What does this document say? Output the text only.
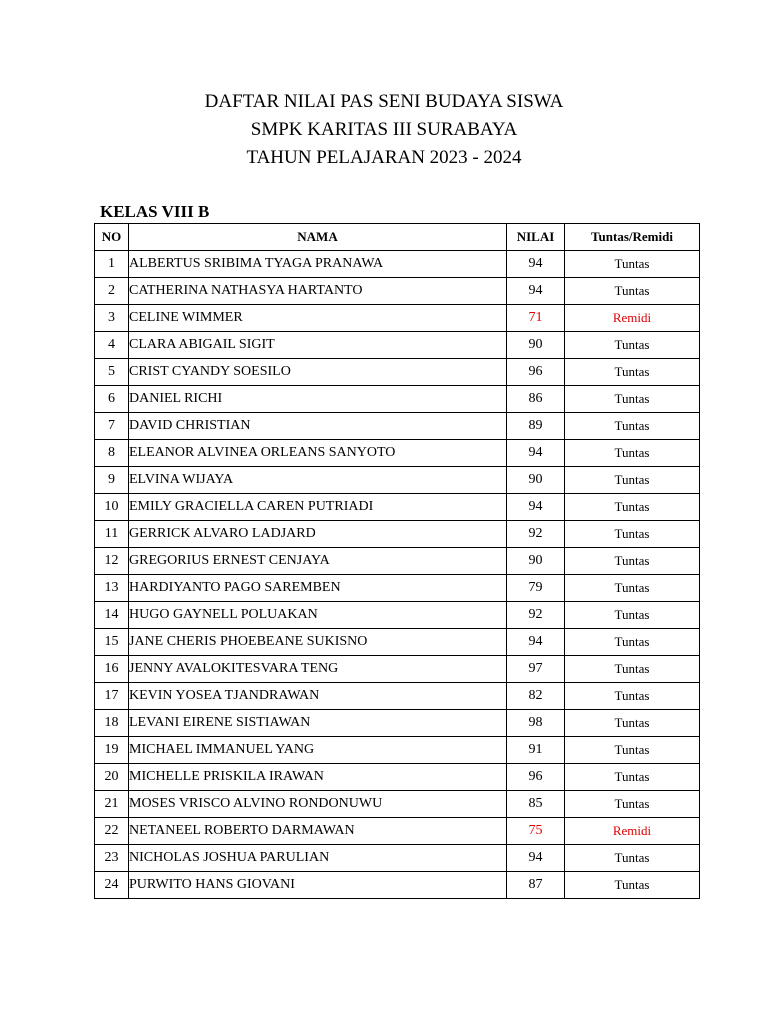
DAFTAR NILAI PAS SENI BUDAYA SISWA
SMPK KARITAS III SURABAYA
TAHUN PELAJARAN 2023 - 2024
KELAS VIII B
NO	NAMA	NILAI	Tuntas/Remidi
1	ALBERTUS SRIBIMA TYAGA PRANAWA	94	Tuntas
2	CATHERINA NATHASYA HARTANTO	94	Tuntas
3	CELINE WIMMER	71	Remidi
4	CLARA ABIGAIL SIGIT	90	Tuntas
5	CRIST CYANDY SOESILO	96	Tuntas
6	DANIEL RICHI	86	Tuntas
7	DAVID CHRISTIAN	89	Tuntas
8	ELEANOR ALVINEA ORLEANS SANYOTO	94	Tuntas
9	ELVINA WIJAYA	90	Tuntas
10	EMILY GRACIELLA CAREN PUTRIADI	94	Tuntas
11	GERRICK ALVARO LADJARD	92	Tuntas
12	GREGORIUS ERNEST CENJAYA	90	Tuntas
13	HARDIYANTO PAGO SAREMBEN	79	Tuntas
14	HUGO GAYNELL POLUAKAN	92	Tuntas
15	JANE CHERIS PHOEBEANE SUKISNO	94	Tuntas
16	JENNY AVALOKITESVARA TENG	97	Tuntas
17	KEVIN YOSEA TJANDRAWAN	82	Tuntas
18	LEVANI EIRENE SISTIAWAN	98	Tuntas
19	MICHAEL IMMANUEL YANG	91	Tuntas
20	MICHELLE PRISKILA IRAWAN	96	Tuntas
21	MOSES VRISCO ALVINO RONDONUWU	85	Tuntas
22	NETANEEL ROBERTO DARMAWAN	75	Remidi
23	NICHOLAS JOSHUA PARULIAN	94	Tuntas
24	PURWITO HANS GIOVANI	87	Tuntas
